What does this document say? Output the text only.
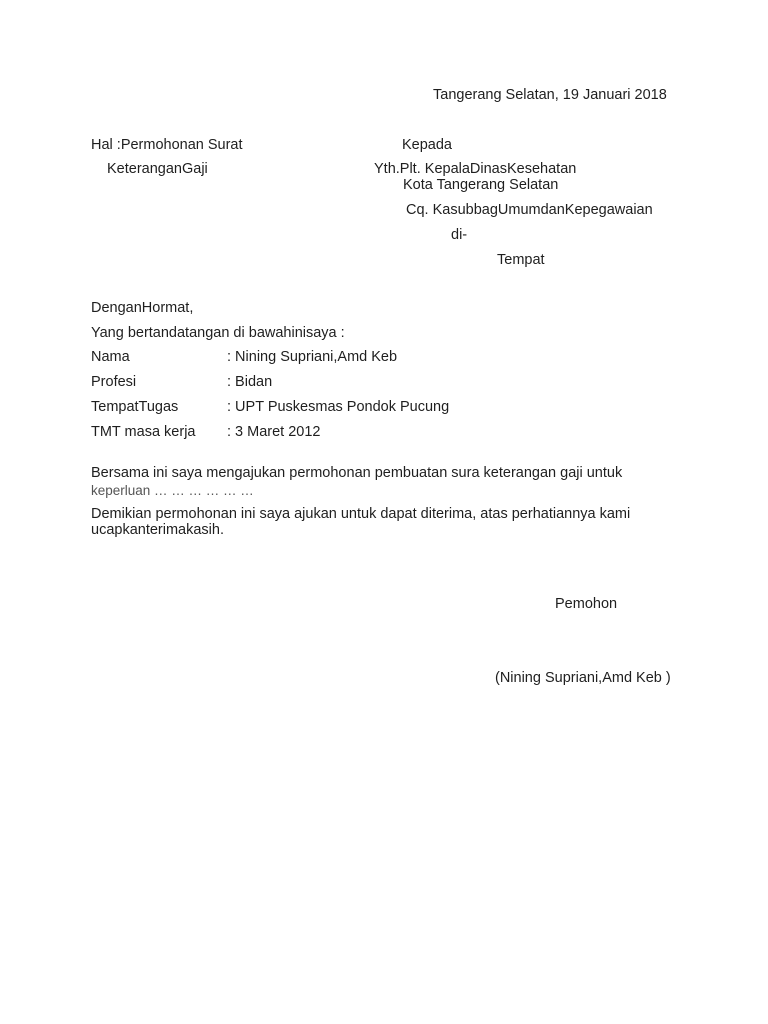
Tangerang Selatan, 19 Januari 2018
Hal :Permohonan Surat
KeteranganGaji
Kepada
Yth.Plt. KepalaDinasKesehatan
Kota Tangerang Selatan
Cq. KasubbagUmumdanKepegawaian
di-
Tempat
DenganHormat,
Yang bertandatangan di bawahinisaya :
Nama	: Nining Supriani,Amd Keb
Profesi	: Bidan
TempatTugas	: UPT Puskesmas Pondok Pucung
TMT masa kerja : 3 Maret 2012
Bersama ini saya mengajukan permohonan pembuatan sura keterangan gaji untuk
keperluan … … … … … …
Demikian permohonan ini saya ajukan untuk dapat diterima, atas perhatiannya kami
ucapkanterimakasih.
Pemohon
(Nining Supriani,Amd Keb )
